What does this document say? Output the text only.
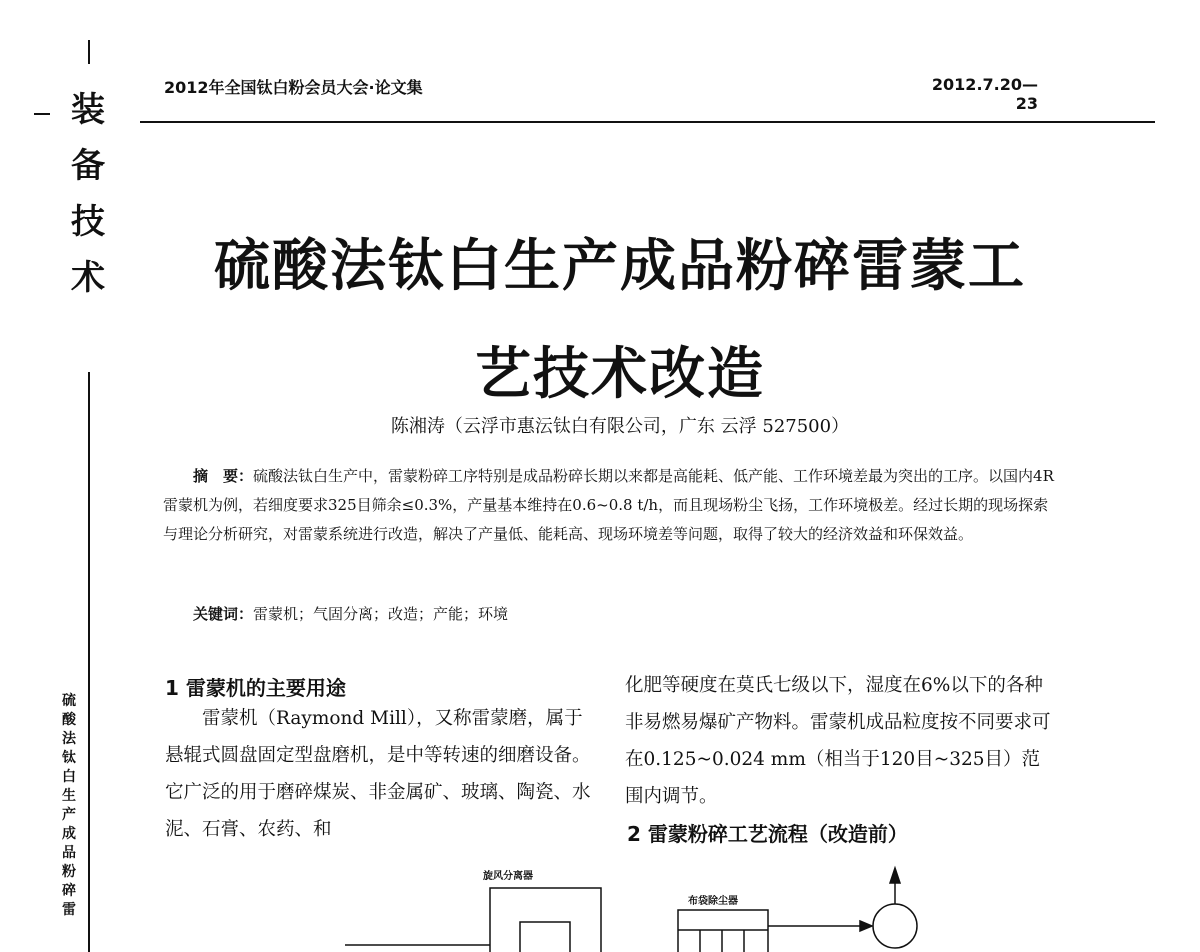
装
备
技
术
硫
酸
法
钛
白
生
产
成
品
粉
碎
雷
2012年全国钛白粉会员大会·论文集	2012.7.20—23
硫酸法钛白生产成品粉碎雷蒙工
艺技术改造
陈湘涛（云浮市惠沄钛白有限公司，广东 云浮 527500）

摘　要：硫酸法钛白生产中，雷蒙粉碎工序特别是成品粉碎长期以来都是高能耗、低产能、工作环境差最为突出的工序。以国内4R雷蒙机为例，若细度要求325目筛余≤0.3%，产量基本维持在0.6~0.8 t/h，而且现场粉尘飞扬，工作环境极差。经过长期的现场探索与理论分析研究，对雷蒙系统进行改造，解决了产量低、能耗高、现场环境差等问题，取得了较大的经济效益和环保效益。

关键词：雷蒙机；气固分离；改造；产能；环境
1 雷蒙机的主要用途

雷蒙机（Raymond Mill），又称雷蒙磨，属于悬辊式圆盘固定型盘磨机，是中等转速的细磨设备。它广泛的用于磨碎煤炭、非金属矿、玻璃、陶瓷、水泥、石膏、农药、和

化肥等硬度在莫氏七级以下，湿度在6%以下的各种非易燃易爆矿产物料。雷蒙机成品粒度按不同要求可在0.125~0.024 mm（相当于120目~325目）范围内调节。

2 雷蒙粉碎工艺流程（改造前）
旋风分离器
布袋除尘器
